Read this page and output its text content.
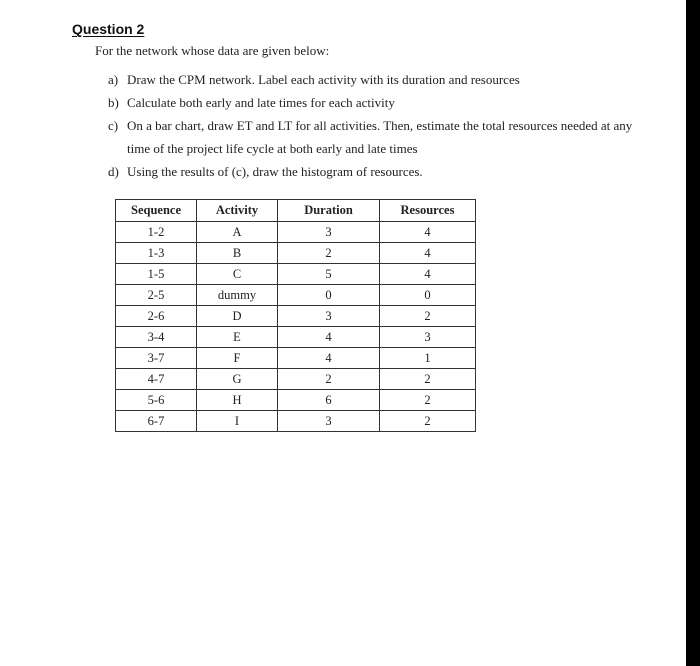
Question 2

For the network whose data are given below:

a) Draw the CPM network. Label each activity with its duration and resources
b) Calculate both early and late times for each activity
c) On a bar chart, draw ET and LT for all activities. Then, estimate the total resources needed at any time of the project life cycle at both early and late times
d) Using the results of (c), draw the histogram of resources.
Sequence	Activity	Duration	Resources
1-2	A	3	4
1-3	B	2	4
1-5	C	5	4
2-5	dummy	0	0
2-6	D	3	2
3-4	E	4	3
3-7	F	4	1
4-7	G	2	2
5-6	H	6	2
6-7	I	3	2
